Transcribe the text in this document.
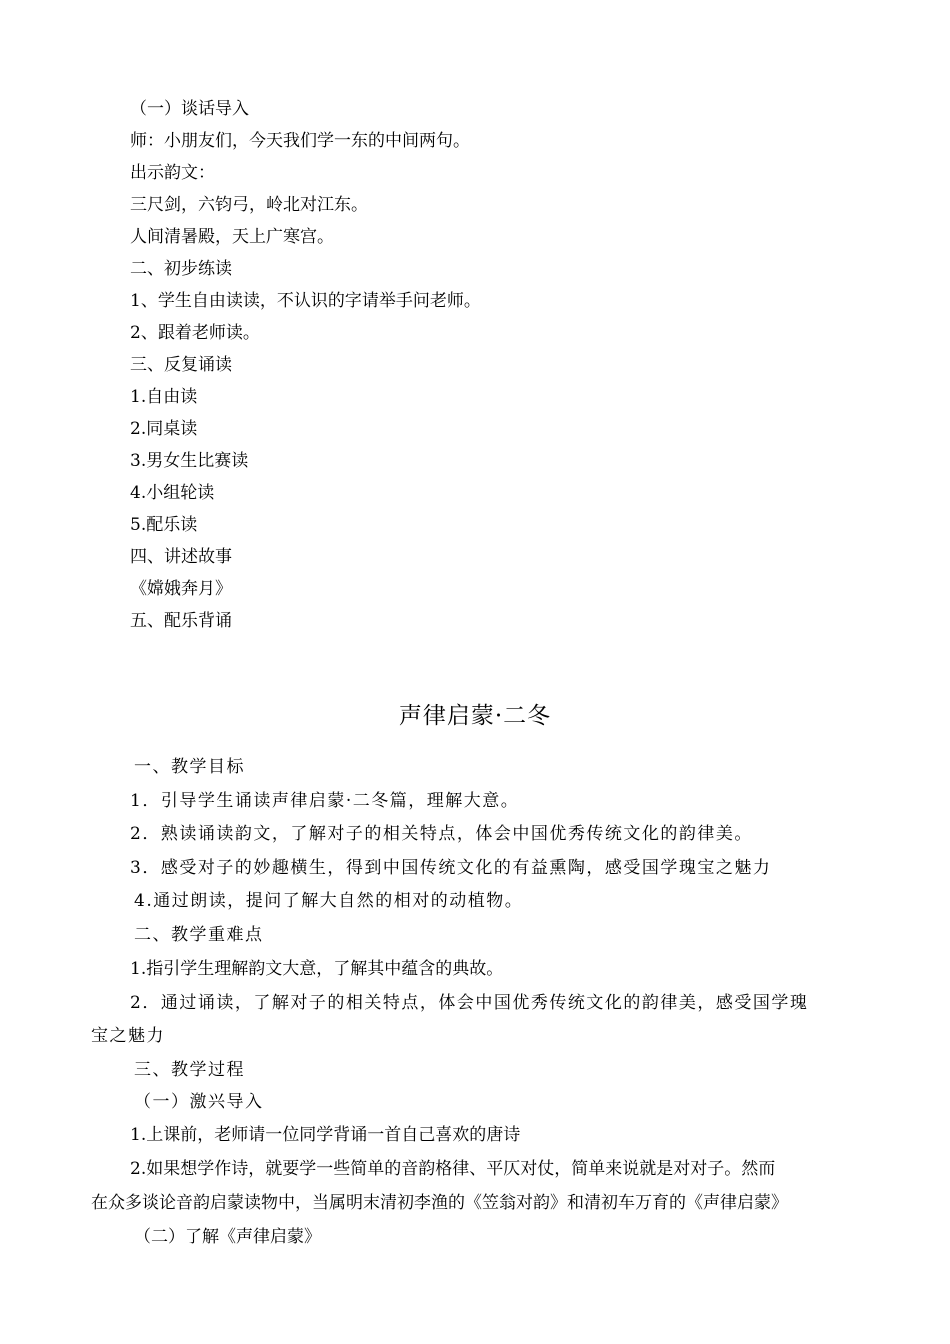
（一）谈话导入
师：小朋友们，今天我们学一东的中间两句。
出示韵文：
三尺剑，六钧弓，岭北对江东。
人间清暑殿，天上广寒宫。
二、初步练读
1、学生自由读读，不认识的字请举手问老师。
2、跟着老师读。
三、反复诵读
1.自由读
2.同桌读
3.男女生比赛读
4.小组轮读
5.配乐读
四、讲述故事
《嫦娥奔月》
五、配乐背诵
声律启蒙·二冬
一、教学目标
1．引导学生诵读声律启蒙·二冬篇，理解大意。
2．熟读诵读韵文，了解对子的相关特点，体会中国优秀传统文化的韵律美。
3．感受对子的妙趣横生，得到中国传统文化的有益熏陶，感受国学瑰宝之魅力
4.通过朗读，提问了解大自然的相对的动植物。
二、教学重难点
1.指引学生理解韵文大意，了解其中蕴含的典故。
2．通过诵读，了解对子的相关特点，体会中国优秀传统文化的韵律美，感受国学瑰
宝之魅力
三、教学过程
（一）激兴导入
1.上课前，老师请一位同学背诵一首自己喜欢的唐诗
2.如果想学作诗，就要学一些简单的音韵格律、平仄对仗，简单来说就是对对子。然而
在众多谈论音韵启蒙读物中，当属明末清初李渔的《笠翁对韵》和清初车万育的《声律启蒙》
（二）了解《声律启蒙》
